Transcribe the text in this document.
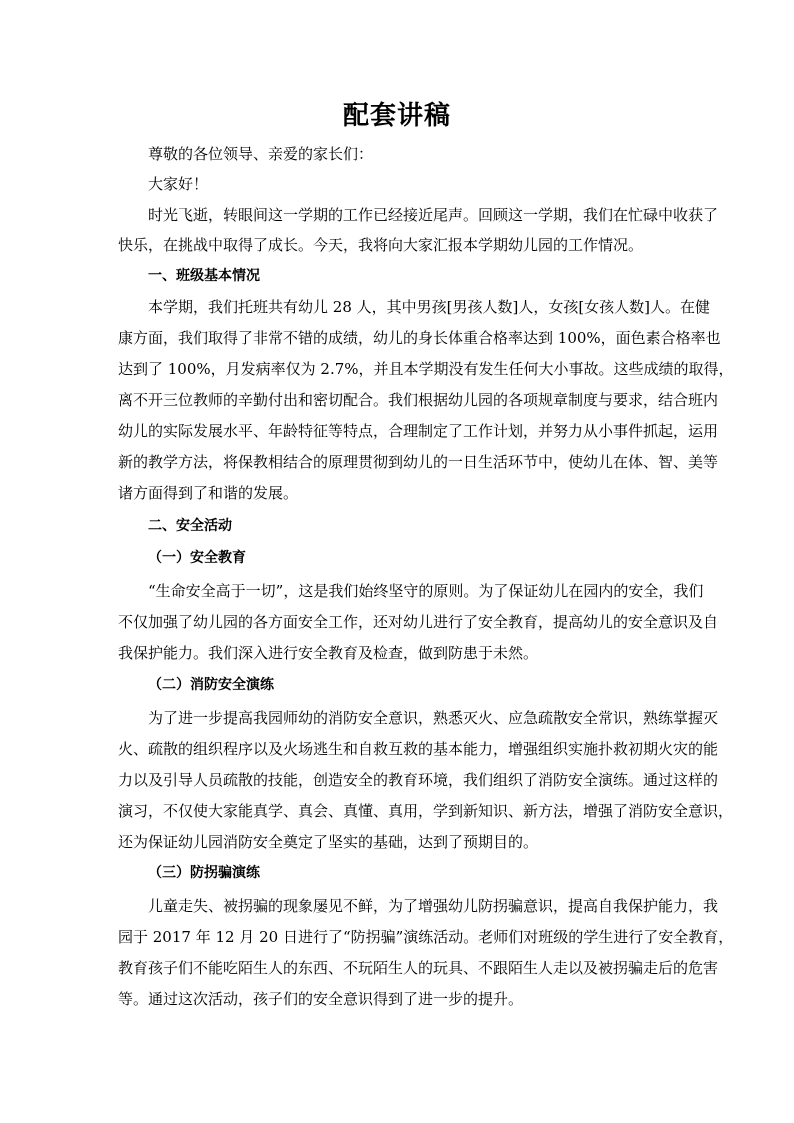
配套讲稿
尊敬的各位领导、亲爱的家长们：
大家好！
时光飞逝，转眼间这一学期的工作已经接近尾声。回顾这一学期，我们在忙碌中收获了
快乐，在挑战中取得了成长。今天，我将向大家汇报本学期幼儿园的工作情况。
一、班级基本情况
本学期，我们托班共有幼儿 28 人，其中男孩[男孩人数]人，女孩[女孩人数]人。在健
康方面，我们取得了非常不错的成绩，幼儿的身长体重合格率达到 100%，面色素合格率也
达到了 100%，月发病率仅为 2.7%，并且本学期没有发生任何大小事故。这些成绩的取得，
离不开三位教师的辛勤付出和密切配合。我们根据幼儿园的各项规章制度与要求，结合班内
幼儿的实际发展水平、年龄特征等特点，合理制定了工作计划，并努力从小事件抓起，运用
新的教学方法，将保教相结合的原理贯彻到幼儿的一日生活环节中，使幼儿在体、智、美等
诸方面得到了和谐的发展。
二、安全活动
（一）安全教育
“生命安全高于一切”，这是我们始终坚守的原则。为了保证幼儿在园内的安全，我们
不仅加强了幼儿园的各方面安全工作，还对幼儿进行了安全教育，提高幼儿的安全意识及自
我保护能力。我们深入进行安全教育及检查，做到防患于未然。
（二）消防安全演练
为了进一步提高我园师幼的消防安全意识，熟悉灭火、应急疏散安全常识，熟练掌握灭
火、疏散的组织程序以及火场逃生和自救互救的基本能力，增强组织实施扑救初期火灾的能
力以及引导人员疏散的技能，创造安全的教育环境，我们组织了消防安全演练。通过这样的
演习，不仅使大家能真学、真会、真懂、真用，学到新知识、新方法，增强了消防安全意识，
还为保证幼儿园消防安全奠定了坚实的基础，达到了预期目的。
（三）防拐骗演练
儿童走失、被拐骗的现象屡见不鲜，为了增强幼儿防拐骗意识，提高自我保护能力，我
园于 2017 年 12 月 20 日进行了“防拐骗”演练活动。老师们对班级的学生进行了安全教育，
教育孩子们不能吃陌生人的东西、不玩陌生人的玩具、不跟陌生人走以及被拐骗走后的危害
等。通过这次活动，孩子们的安全意识得到了进一步的提升。
